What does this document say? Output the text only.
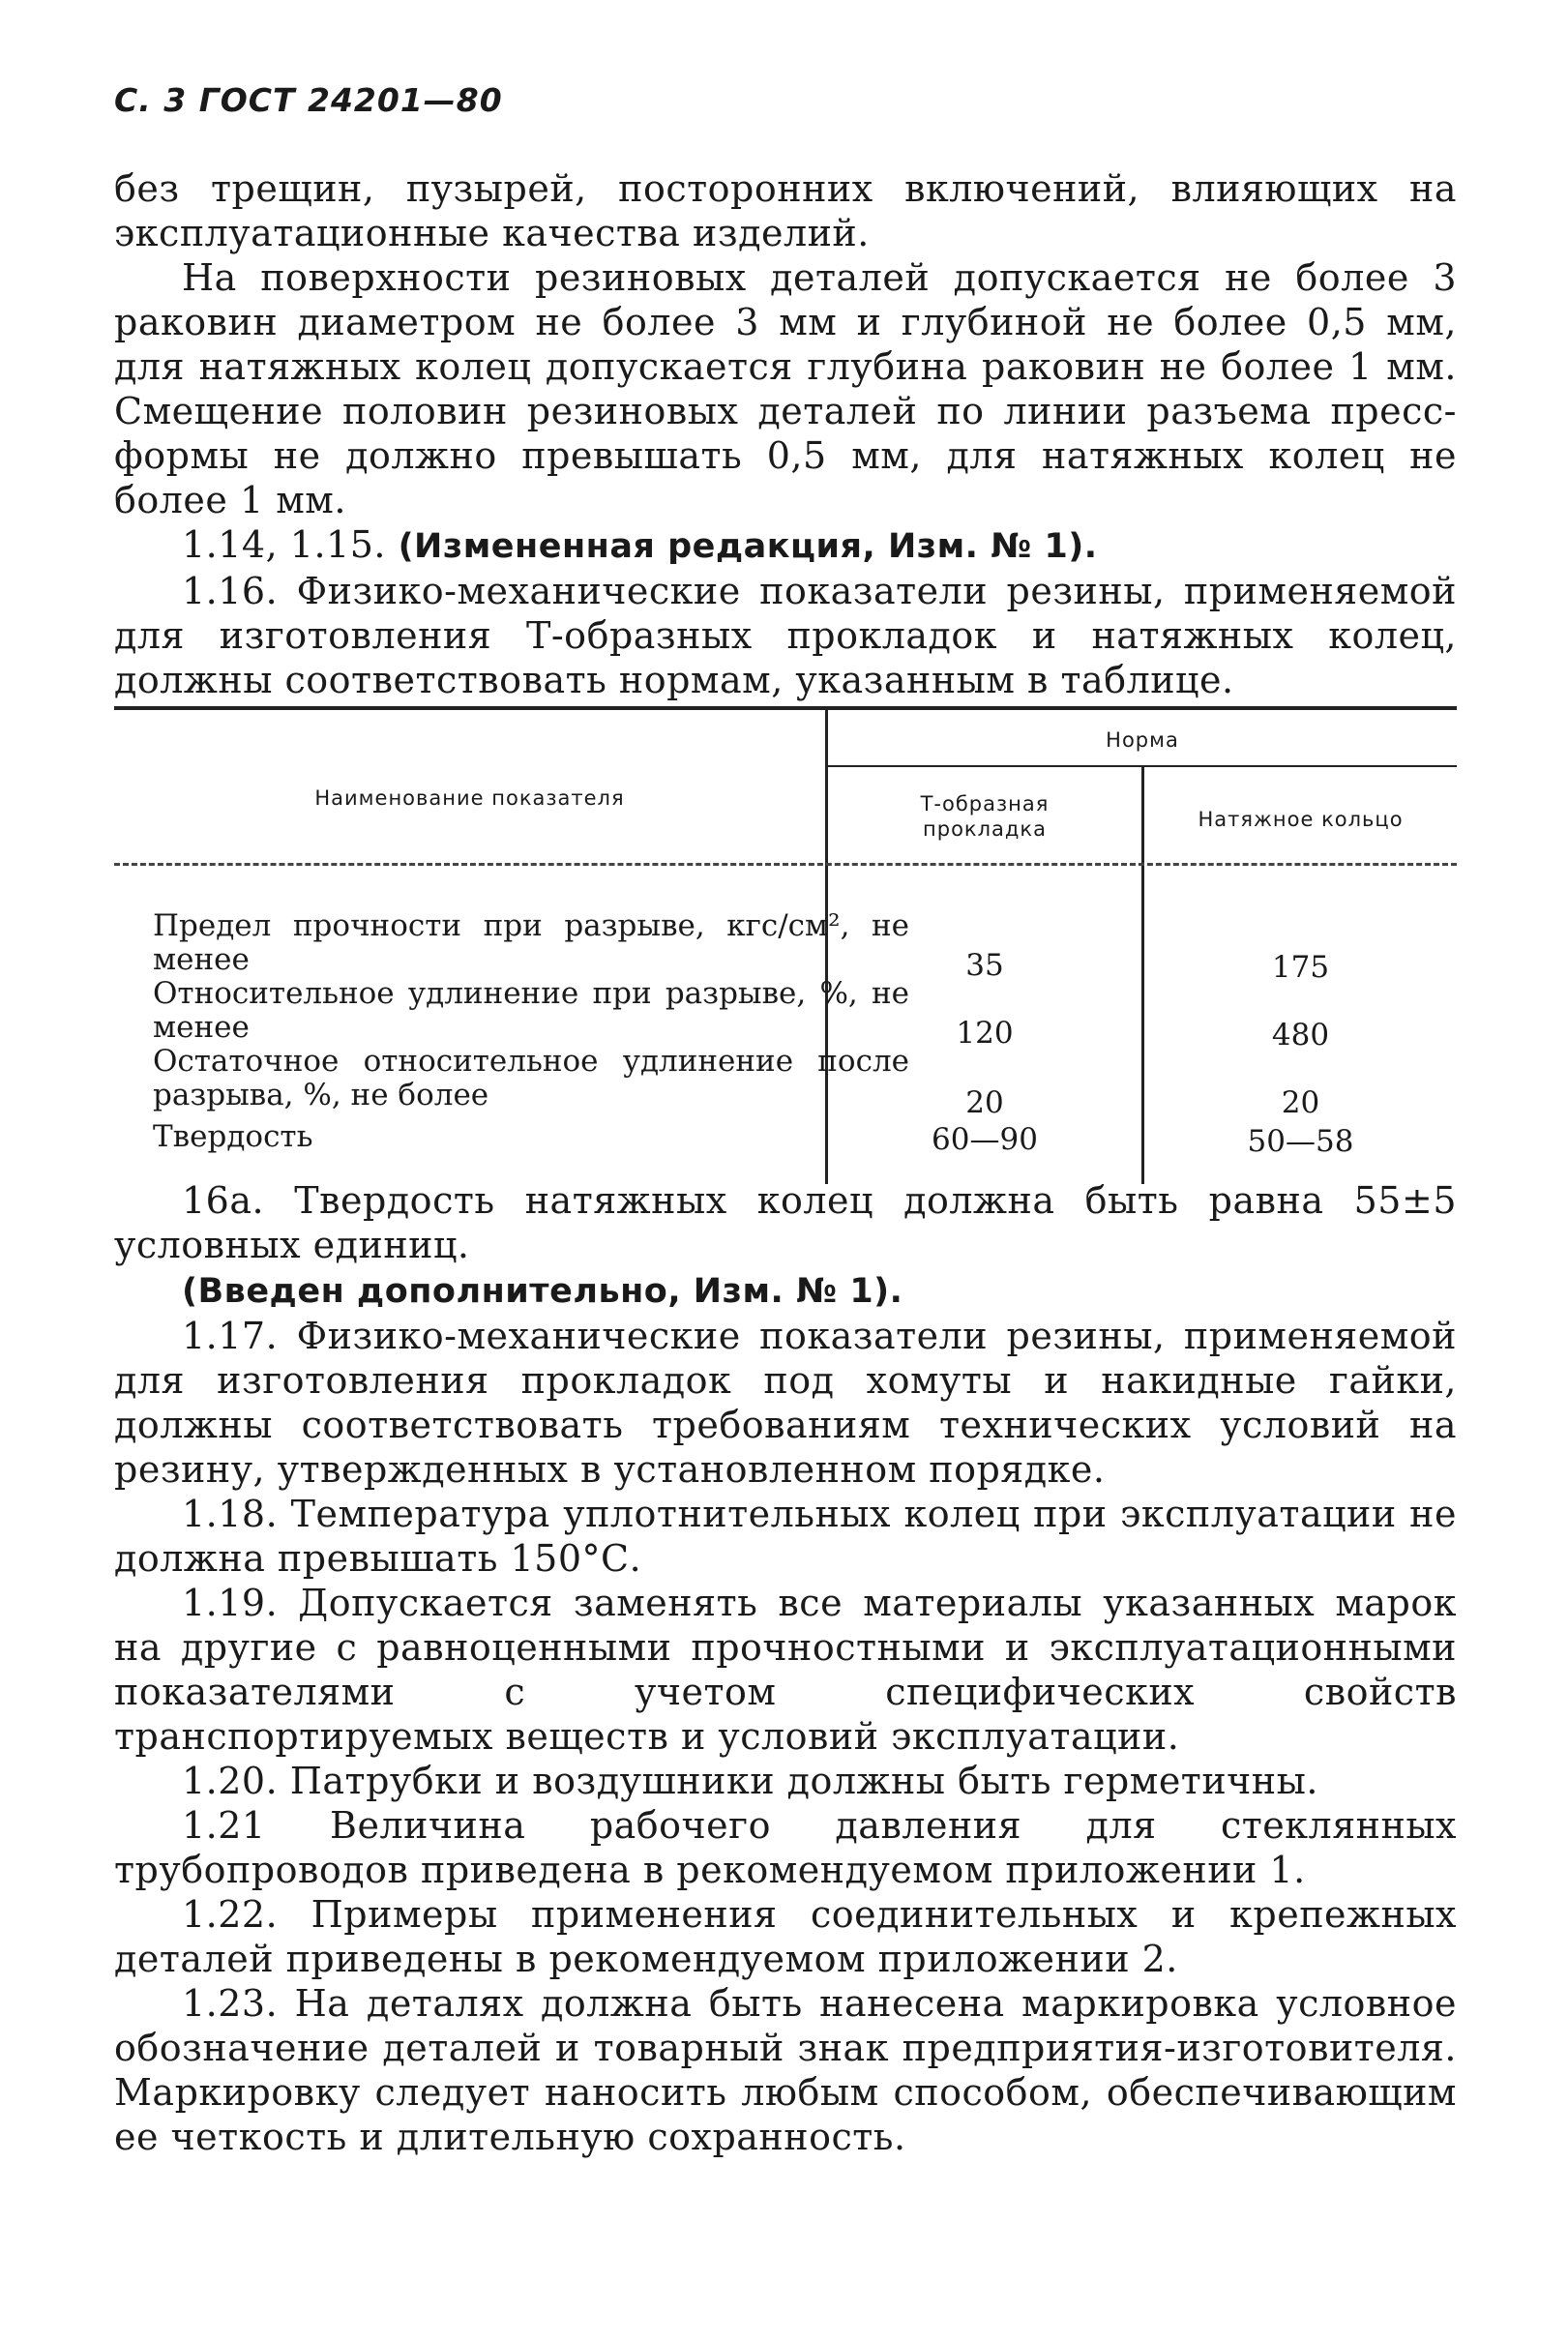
С. 3 ГОСТ 24201—80

без трещин, пузырей, посторонних включений, влияющих на эксплуатационные качества изделий.

На поверхности резиновых деталей допускается не более 3 раковин диаметром не более 3 мм и глубиной не более 0,5 мм, для натяжных колец допускается глубина раковин не более 1 мм. Смещение половин резиновых деталей по линии разъема пресс-формы не должно превышать 0,5 мм, для натяжных колец не более 1 мм.

1.14, 1.15. (Измененная редакция, Изм. № 1).

1.16. Физико-механические показатели резины, применяемой для изготовления Т-образных прокладок и натяжных колец, должны соответствовать нормам, указанным в таблице.

Наименование показателя
Норма
Т-образная прокладка	Натяжное кольцо
Предел прочности при разрыве, кгс/см², не менее	35	175
Относительное удлинение при разрыве, %, не менее	120	480
Остаточное относительное удлинение после разрыва, %, не более	20	20
Твердость	60—90	50—58

16а. Твердость натяжных колец должна быть равна 55±5 условных единиц.

(Введен дополнительно, Изм. № 1).

1.17. Физико-механические показатели резины, применяемой для изготовления прокладок под хомуты и накидные гайки, должны соответствовать требованиям технических условий на резину, утвержденных в установленном порядке.

1.18. Температура уплотнительных колец при эксплуатации не должна превышать 150°С.

1.19. Допускается заменять все материалы указанных марок на другие с равноценными прочностными и эксплуатационными показателями с учетом специфических свойств транспортируемых веществ и условий эксплуатации.

1.20. Патрубки и воздушники должны быть герметичны.

1.21 Величина рабочего давления для стеклянных трубопроводов приведена в рекомендуемом приложении 1.

1.22. Примеры применения соединительных и крепежных деталей приведены в рекомендуемом приложении 2.

1.23. На деталях должна быть нанесена маркировка условное обозначение деталей и товарный знак предприятия-изготовителя. Маркировку следует наносить любым способом, обеспечивающим ее четкость и длительную сохранность.
